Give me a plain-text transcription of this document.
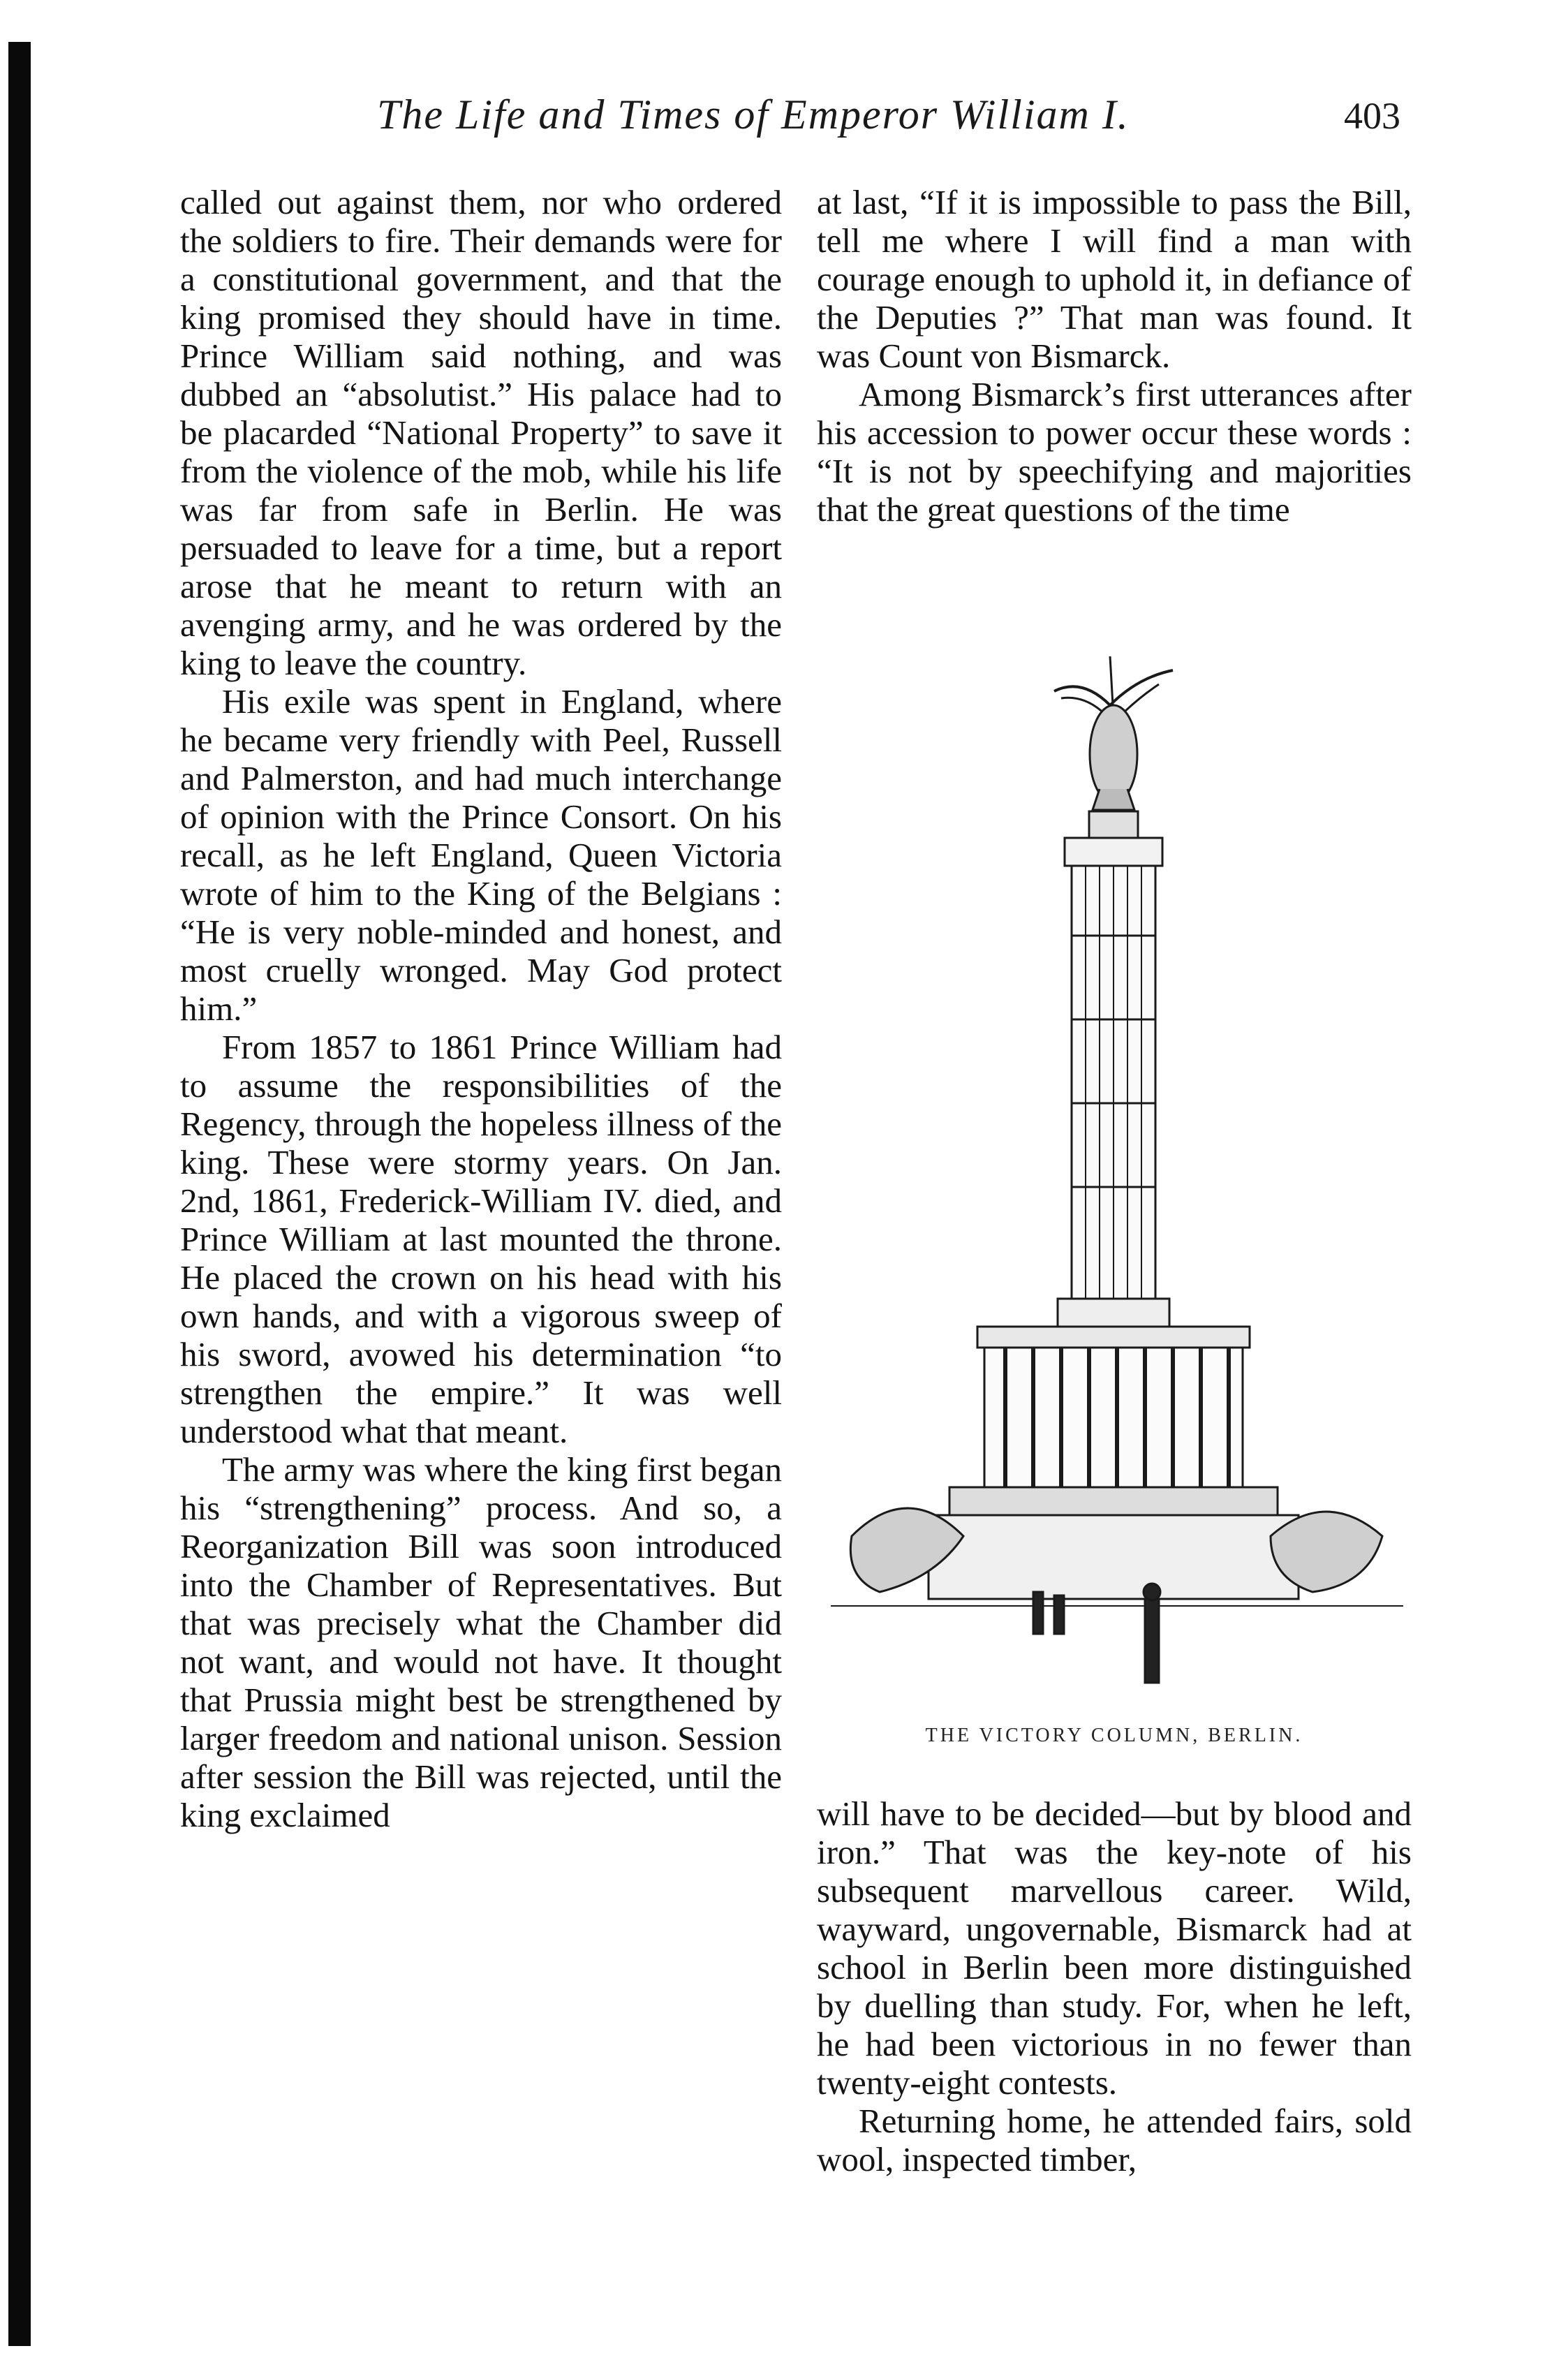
The Life and Times of Emperor William I.	403

called out against them, nor who ordered the soldiers to fire. Their demands were for a constitutional government, and that the king promised they should have in time. Prince William said nothing, and was dubbed an “absolutist.” His palace had to be placarded “National Property” to save it from the violence of the mob, while his life was far from safe in Berlin. He was persuaded to leave for a time, but a report arose that he meant to return with an avenging army, and he was ordered by the king to leave the country.

His exile was spent in England, where he became very friendly with Peel, Russell and Palmerston, and had much interchange of opinion with the Prince Consort. On his recall, as he left England, Queen Victoria wrote of him to the King of the Belgians : “He is very noble-minded and honest, and most cruelly wronged. May God protect him.”

From 1857 to 1861 Prince William had to assume the responsibilities of the Regency, through the hopeless illness of the king. These were stormy years. On Jan. 2nd, 1861, Frederick-William IV. died, and Prince William at last mounted the throne. He placed the crown on his head with his own hands, and with a vigorous sweep of his sword, avowed his determination “to strengthen the empire.” It was well understood what that meant.

The army was where the king first began his “strengthening” process. And so, a Reorganization Bill was soon introduced into the Chamber of Representatives. But that was precisely what the Chamber did not want, and would not have. It thought that Prussia might best be strengthened by larger freedom and national unison. Session after session the Bill was rejected, until the king exclaimed

at last, “If it is impossible to pass the Bill, tell me where I will find a man with courage enough to uphold it, in defiance of the Deputies ?” That man was found. It was Count von Bismarck.

Among Bismarck’s first utterances after his accession to power occur these words : “It is not by speechifying and majorities that the great questions of the time

THE VICTORY COLUMN, BERLIN.

will have to be decided—but by blood and iron.” That was the key-note of his subsequent marvellous career. Wild, wayward, ungovernable, Bismarck had at school in Berlin been more distinguished by duelling than study. For, when he left, he had been victorious in no fewer than twenty-eight contests.

Returning home, he attended fairs, sold wool, inspected timber,
